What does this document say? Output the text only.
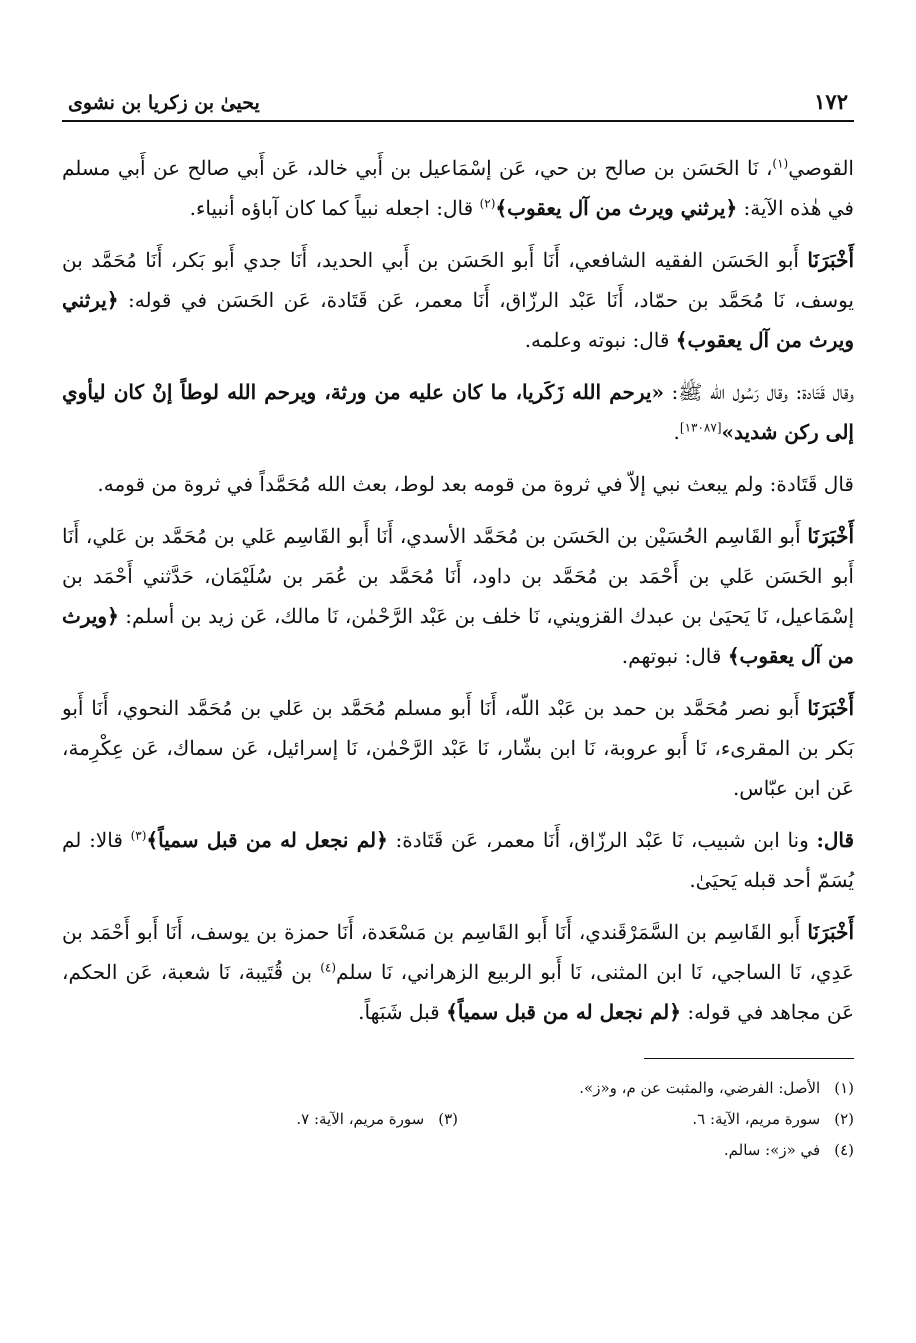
١٧٢
يحيىٰ بن زكريا بن نشوى

القوصي$^{(١)}$، نَا الحَسَن بن صالح بن حي، عَن إسْمَاعيل بن أَبي خالد، عَن أَبي صالح عن أَبي مسلم في هٰذه الآية: ﴿يرثني ويرث من آل يعقوب﴾$^{(٢)}$ قال: اجعله نبياً كما كان آباؤه أنبياء.

أَخْبَرَنَا أَبو الحَسَن الفقيه الشافعي، أَنَا أَبو الحَسَن بن أَبي الحديد، أَنَا جدي أَبو بَكر، أَنَا مُحَمَّد بن يوسف، نَا مُحَمَّد بن حمّاد، أَنَا عَبْد الرزّاق، أَنَا معمر، عَن قَتَادة، عَن الحَسَن في قوله: ﴿يرثني ويرث من آل يعقوب﴾ قال: نبوته وعلمه.

وقال قَتَادة: وقال رَسُول الله ﷺ: «يرحم الله زَكَريا، ما كان عليه من ورثة، ويرحم الله لوطاً إنْ كان ليأوي إلى ركن شديد»[١٣٠٨٧].

قال قَتَادة: ولم يبعث نبي إلاّ في ثروة من قومه بعد لوط، بعث الله مُحَمَّداً في ثروة من قومه.

أَخْبَرَنَا أَبو القَاسِم الحُسَيْن بن الحَسَن بن مُحَمَّد الأسدي، أَنَا أَبو القَاسِم عَلي بن مُحَمَّد بن عَلي، أَنَا أَبو الحَسَن عَلي بن أَحْمَد بن مُحَمَّد بن داود، أَنَا مُحَمَّد بن عُمَر بن سُلَيْمَان، حَدَّثني أَحْمَد بن إسْمَاعيل، نَا يَحيَىٰ بن عبدك القزويني، نَا خلف بن عَبْد الرَّحْمٰن، نَا مالك، عَن زيد بن أسلم: ﴿ويرث من آل يعقوب﴾ قال: نبوتهم.

أَخْبَرَنَا أَبو نصر مُحَمَّد بن حمد بن عَبْد اللّه، أَنَا أَبو مسلم مُحَمَّد بن عَلي بن مُحَمَّد النحوي، أَنَا أَبو بَكر بن المقرىء، نَا أَبو عروبة، نَا ابن بشّار، نَا عَبْد الرَّحْمٰن، نَا إسرائيل، عَن سماك، عَن عِكْرِمة، عَن ابن عبّاس.

قال: ونا ابن شبيب، نَا عَبْد الرزّاق، أَنَا معمر، عَن قَتَادة: ﴿لم نجعل له من قبل سمياً﴾$^{(٣)}$ قالا: لم يُسَمّ أحد قبله يَحيَىٰ.

أَخْبَرَنَا أَبو القَاسِم بن السَّمَرْقَندي، أَنَا أَبو القَاسِم بن مَسْعَدة، أَنَا حمزة بن يوسف، أَنَا أَبو أَحْمَد بن عَدِي، نَا الساجي، نَا ابن المثنى، نَا أَبو الربيع الزهراني، نَا سلم$^{(٤)}$ بن قُتَيبة، نَا شعبة، عَن الحكم، عَن مجاهد في قوله: ﴿لم نجعل له من قبل سمياً﴾ قبل شَبَهاً.

(١)الأصل: الفرضي، والمثبت عن م، و«ز».
(٢)سورة مريم، الآية: ٦.
(٣)سورة مريم، الآية: ٧.
(٤)في «ز»: سالم.
